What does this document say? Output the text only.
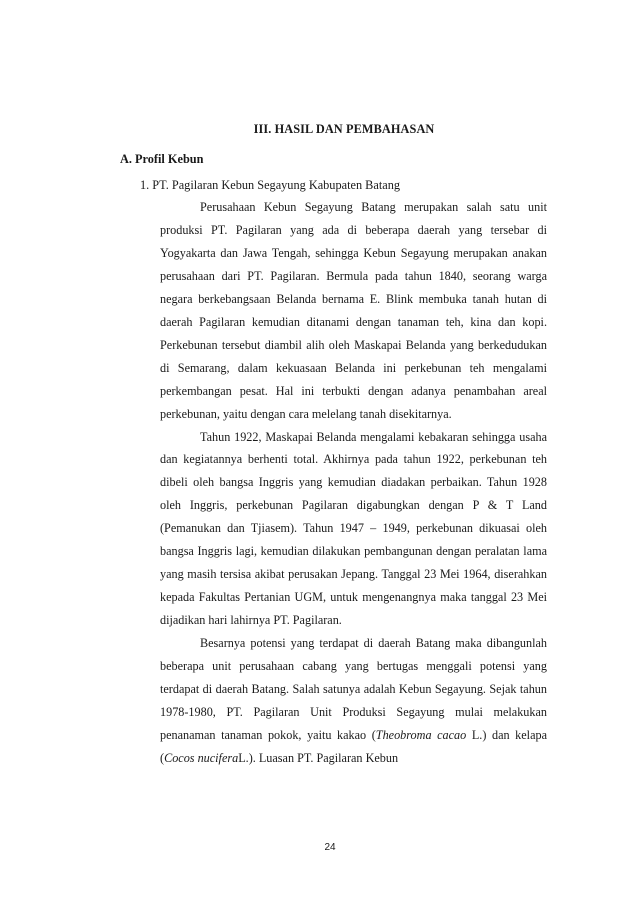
III. HASIL DAN PEMBAHASAN
A. Profil Kebun
1. PT. Pagilaran Kebun Segayung Kabupaten Batang

Perusahaan Kebun Segayung Batang merupakan salah satu unit produksi PT. Pagilaran yang ada di beberapa daerah yang tersebar di Yogyakarta dan Jawa Tengah, sehingga Kebun Segayung merupakan anakan perusahaan dari PT. Pagilaran. Bermula pada tahun 1840, seorang warga negara berkebangsaan Belanda bernama E. Blink membuka tanah hutan di daerah Pagilaran kemudian ditanami dengan tanaman teh, kina dan kopi. Perkebunan tersebut diambil alih oleh Maskapai Belanda yang berkedudukan di Semarang, dalam kekuasaan Belanda ini perkebunan teh mengalami perkembangan pesat. Hal ini terbukti dengan adanya penambahan areal perkebunan, yaitu dengan cara melelang tanah disekitarnya.

Tahun 1922, Maskapai Belanda mengalami kebakaran sehingga usaha dan kegiatannya berhenti total. Akhirnya pada tahun 1922, perkebunan teh dibeli oleh bangsa Inggris yang kemudian diadakan perbaikan. Tahun 1928 oleh Inggris, perkebunan Pagilaran digabungkan dengan P & T Land (Pemanukan dan Tjiasem). Tahun 1947 – 1949, perkebunan dikuasai oleh bangsa Inggris lagi, kemudian dilakukan pembangunan dengan peralatan lama yang masih tersisa akibat perusakan Jepang. Tanggal 23 Mei 1964, diserahkan kepada Fakultas Pertanian UGM, untuk mengenangnya maka tanggal 23 Mei dijadikan hari lahirnya PT. Pagilaran.

Besarnya potensi yang terdapat di daerah Batang maka dibangunlah beberapa unit perusahaan cabang yang bertugas menggali potensi yang terdapat di daerah Batang. Salah satunya adalah Kebun Segayung. Sejak tahun 1978-1980, PT. Pagilaran Unit Produksi Segayung mulai melakukan penanaman tanaman pokok, yaitu kakao (Theobroma cacao L.) dan kelapa (Cocos nuciferaL.). Luasan PT. Pagilaran Kebun

24
